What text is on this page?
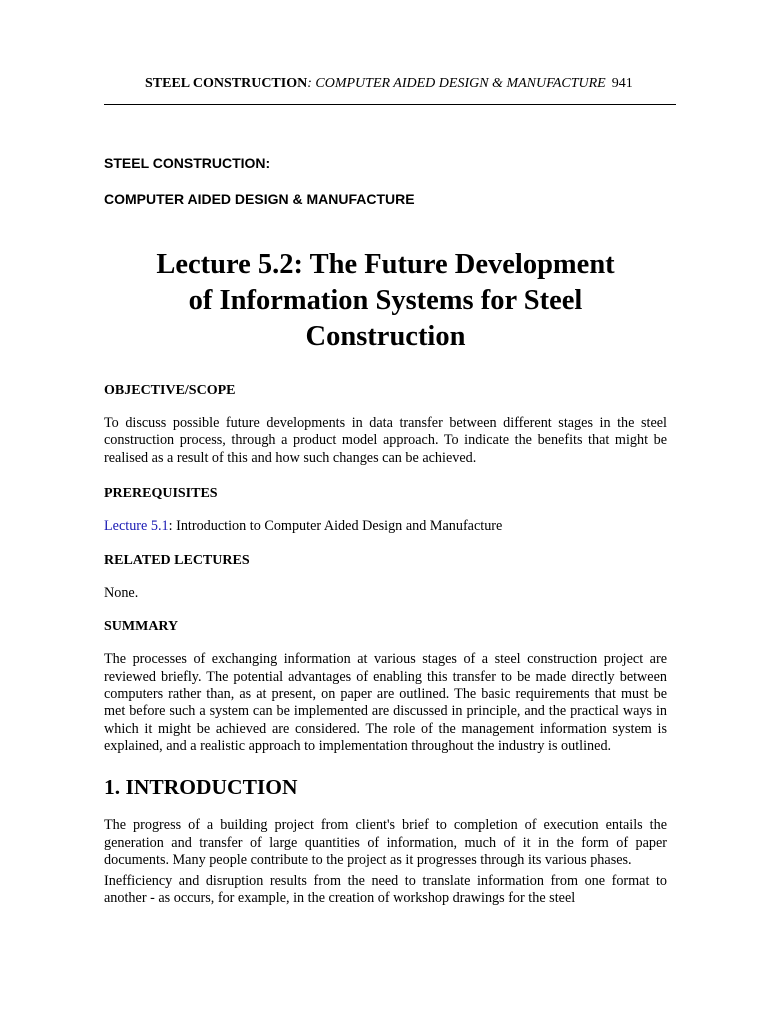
STEEL CONSTRUCTION: COMPUTER AIDED DESIGN & MANUFACTURE 941

STEEL CONSTRUCTION:

COMPUTER AIDED DESIGN & MANUFACTURE

Lecture 5.2: The Future Development
of Information Systems for Steel
Construction

OBJECTIVE/SCOPE

To discuss possible future developments in data transfer between different stages in the steel construction process, through a product model approach. To indicate the benefits that might be realised as a result of this and how such changes can be achieved.

PREREQUISITES

Lecture 5.1: Introduction to Computer Aided Design and Manufacture

RELATED LECTURES

None.

SUMMARY

The processes of exchanging information at various stages of a steel construction project are reviewed briefly. The potential advantages of enabling this transfer to be made directly between computers rather than, as at present, on paper are outlined. The basic requirements that must be met before such a system can be implemented are discussed in principle, and the practical ways in which it might be achieved are considered. The role of the management information system is explained, and a realistic approach to implementation throughout the industry is outlined.

1. INTRODUCTION

The progress of a building project from client's brief to completion of execution entails the generation and transfer of large quantities of information, much of it in the form of paper documents. Many people contribute to the project as it progresses through its various phases.

Inefficiency and disruption results from the need to translate information from one format to another - as occurs, for example, in the creation of workshop drawings for the steel
